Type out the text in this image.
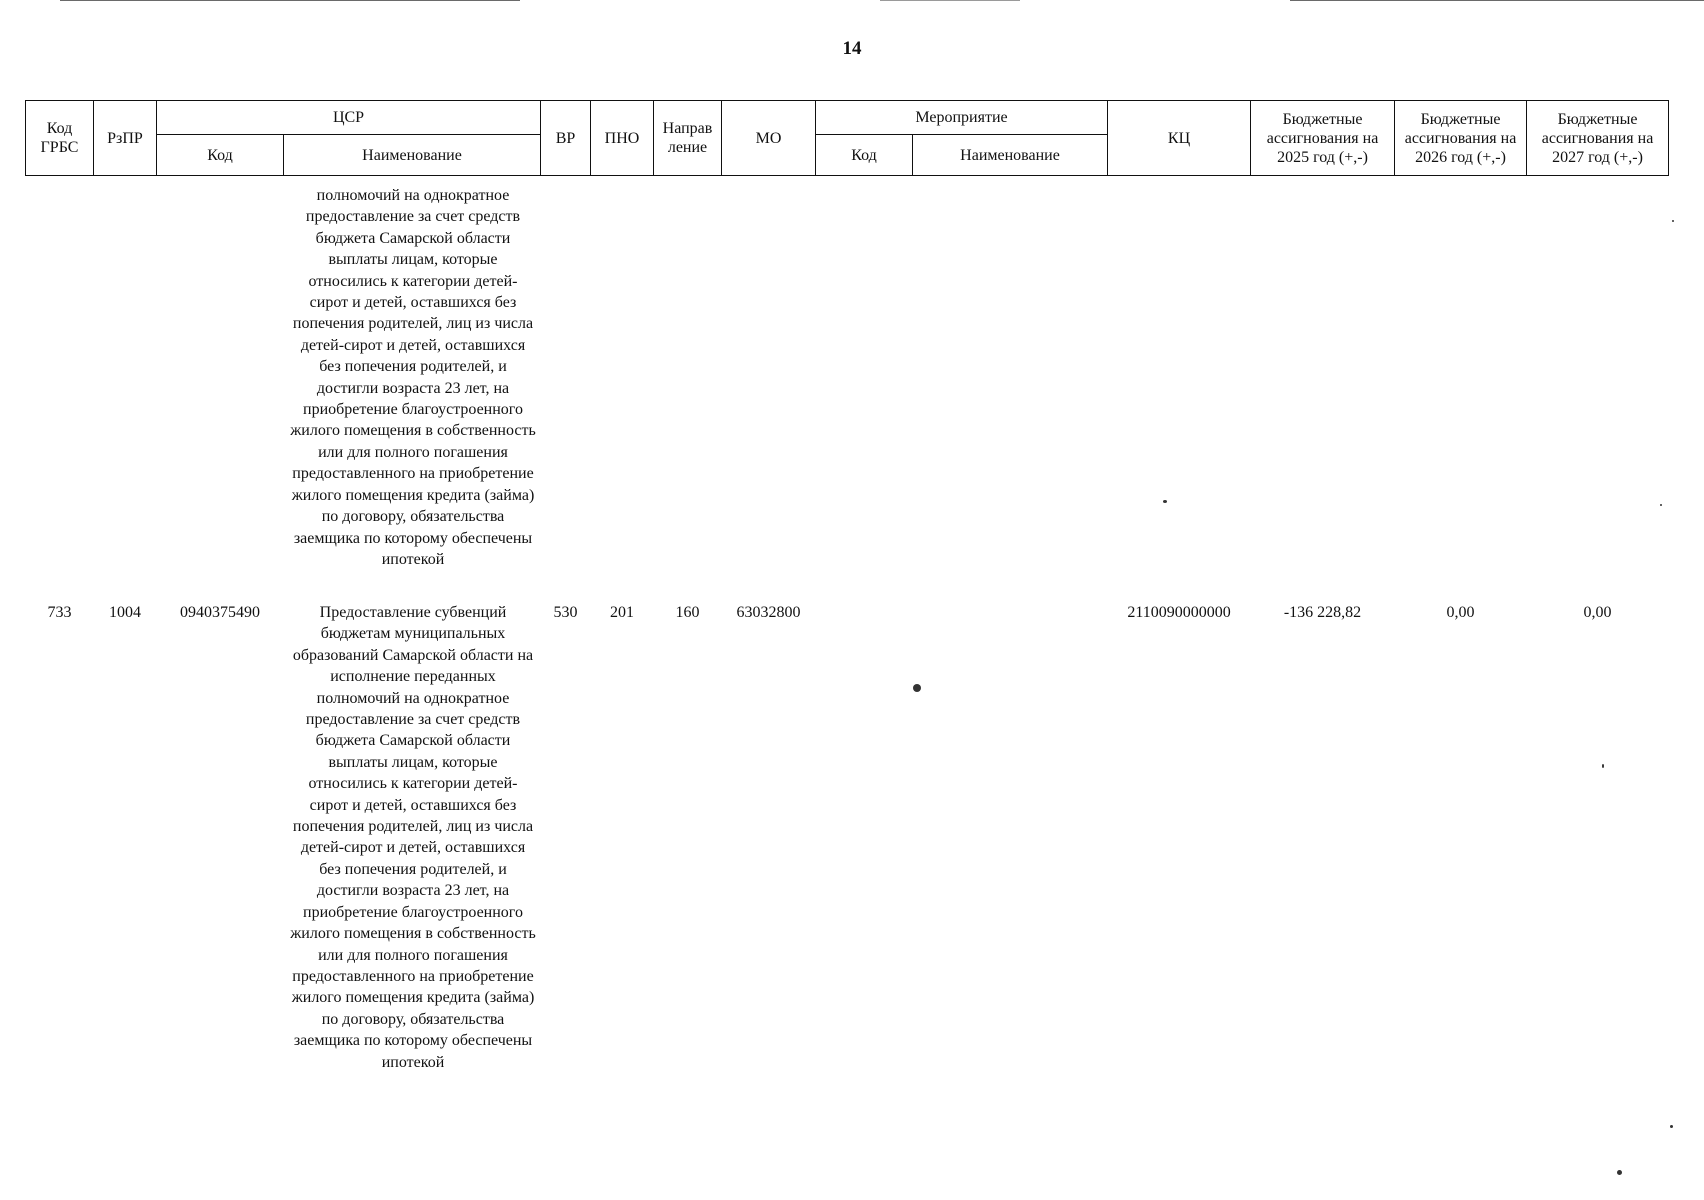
14
Код ГРБС	РзПР	ЦСР		ВР	ПНО	Направ ление	МО	Мероприятие		КЦ	Бюджетные ассигнования на 2025 год (+,-)	Бюджетные ассигнования на 2026 год (+,-)	Бюджетные ассигнования на 2027 год (+,-)
		Код	Наименование					Код	Наименование				
			полномочий на однократное предоставление за счет средств бюджета Самарской области выплаты лицам, которые относились к категории детей-сирот и детей, оставшихся без попечения родителей, лиц из числа детей-сирот и детей, оставшихся без попечения родителей, и достигли возраста 23 лет, на приобретение благоустроенного жилого помещения в собственность или для полного погашения предоставленного на приобретение жилого помещения кредита (займа) по договору, обязательства заемщика по которому обеспечены ипотекой										
733	1004	0940375490	Предоставление субвенций бюджетам муниципальных образований Самарской области на исполнение переданных полномочий на однократное предоставление за счет средств бюджета Самарской области выплаты лицам, которые относились к категории детей-сирот и детей, оставшихся без попечения родителей, лиц из числа детей-сирот и детей, оставшихся без попечения родителей, и достигли возраста 23 лет, на приобретение благоустроенного жилого помещения в собственность или для полного погашения предоставленного на приобретение жилого помещения кредита (займа) по договору, обязательства заемщика по которому обеспечены ипотекой	530	201	160	63032800			2110090000000	-136 228,82	0,00	0,00
